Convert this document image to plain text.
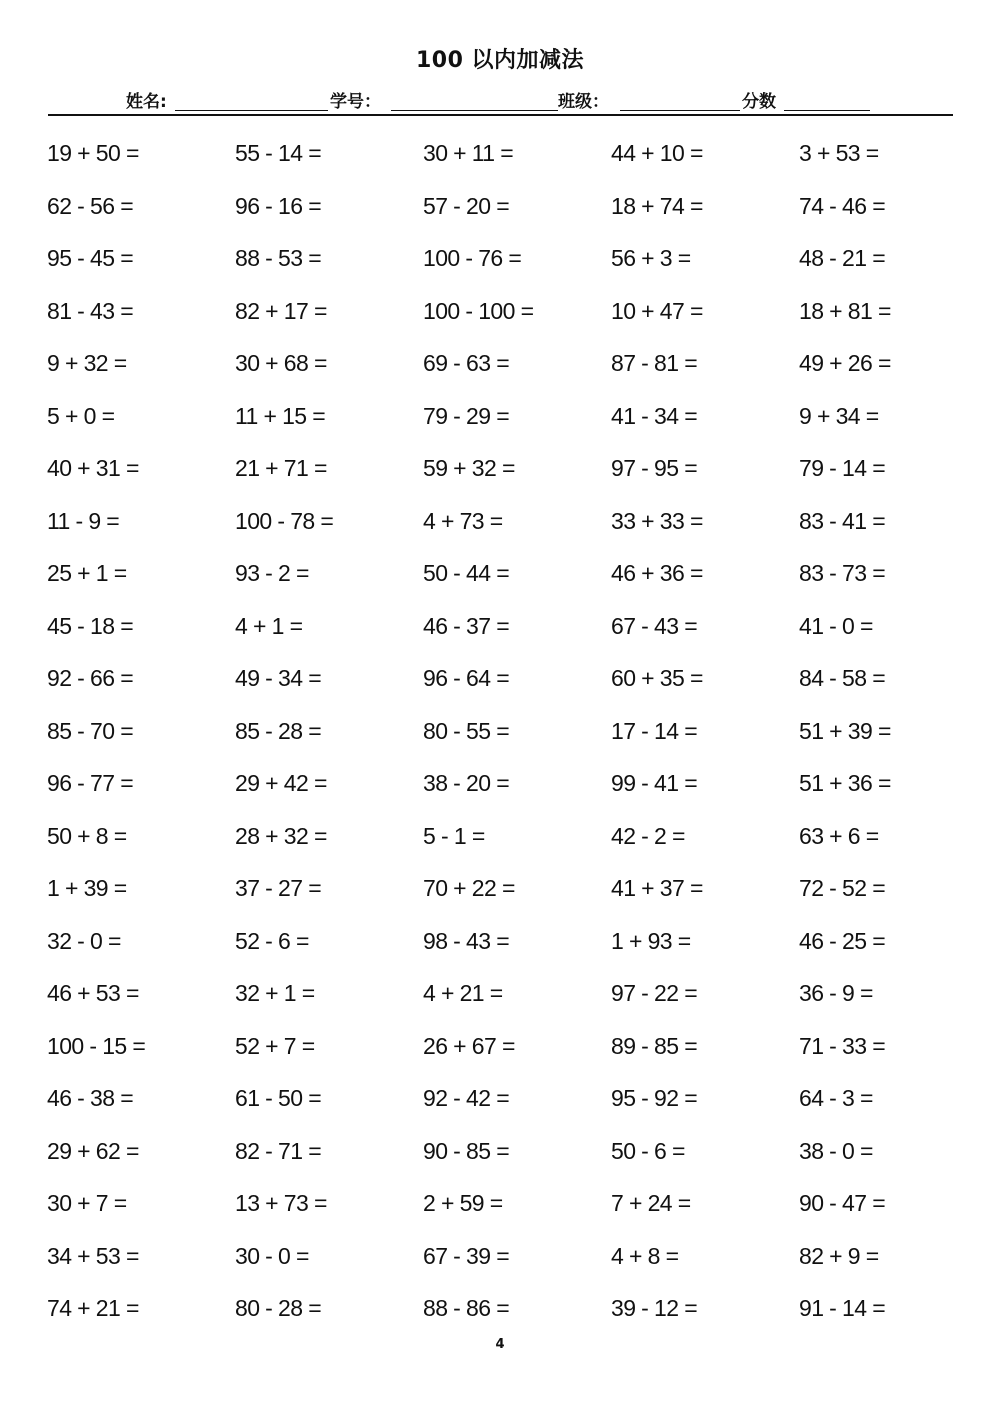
100 以内加减法
姓名:	学号：	班级：	分数
19 + 50 =	55 - 14 =	30 + 11 =	44 + 10 =	3 + 53 =
62 - 56 =	96 - 16 =	57 - 20 =	18 + 74 =	74 - 46 =
95 - 45 =	88 - 53 =	100 - 76 =	56 + 3 =	48 - 21 =
81 - 43 =	82 + 17 =	100 - 100 =	10 + 47 =	18 + 81 =
9 + 32 =	30 + 68 =	69 - 63 =	87 - 81 =	49 + 26 =
5 + 0 =	11 + 15 =	79 - 29 =	41 - 34 =	9 + 34 =
40 + 31 =	21 + 71 =	59 + 32 =	97 - 95 =	79 - 14 =
11 - 9 =	100 - 78 =	4 + 73 =	33 + 33 =	83 - 41 =
25 + 1 =	93 - 2 =	50 - 44 =	46 + 36 =	83 - 73 =
45 - 18 =	4 + 1 =	46 - 37 =	67 - 43 =	41 - 0 =
92 - 66 =	49 - 34 =	96 - 64 =	60 + 35 =	84 - 58 =
85 - 70 =	85 - 28 =	80 - 55 =	17 - 14 =	51 + 39 =
96 - 77 =	29 + 42 =	38 - 20 =	99 - 41 =	51 + 36 =
50 + 8 =	28 + 32 =	5 - 1 =	42 - 2 =	63 + 6 =
1 + 39 =	37 - 27 =	70 + 22 =	41 + 37 =	72 - 52 =
32 - 0 =	52 - 6 =	98 - 43 =	1 + 93 =	46 - 25 =
46 + 53 =	32 + 1 =	4 + 21 =	97 - 22 =	36 - 9 =
100 - 15 =	52 + 7 =	26 + 67 =	89 - 85 =	71 - 33 =
46 - 38 =	61 - 50 =	92 - 42 =	95 - 92 =	64 - 3 =
29 + 62 =	82 - 71 =	90 - 85 =	50 - 6 =	38 - 0 =
30 + 7 =	13 + 73 =	2 + 59 =	7 + 24 =	90 - 47 =
34 + 53 =	30 - 0 =	67 - 39 =	4 + 8 =	82 + 9 =
74 + 21 =	80 - 28 =	88 - 86 =	39 - 12 =	91 - 14 =
4
